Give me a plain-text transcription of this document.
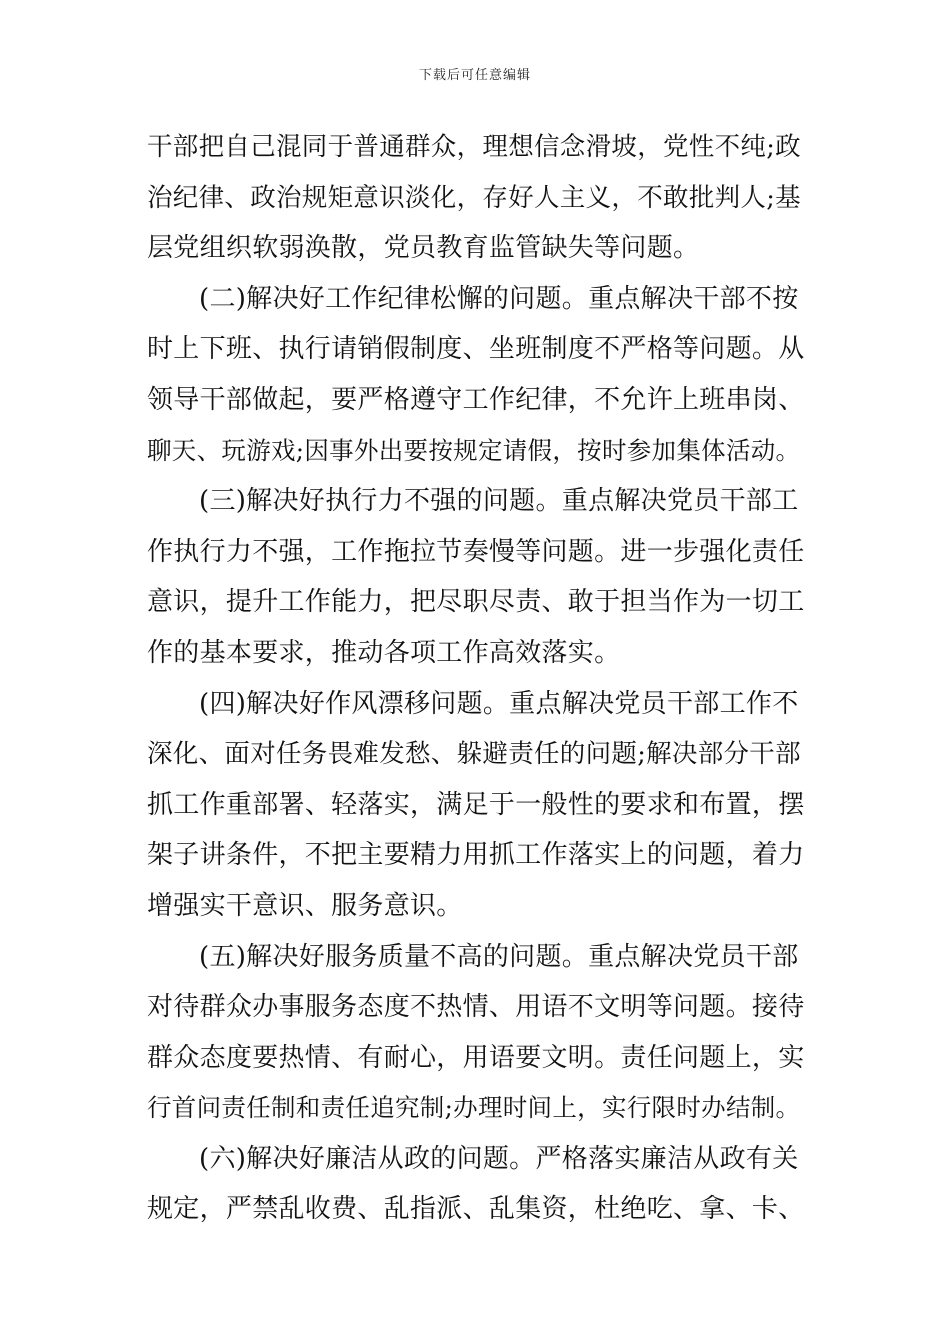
下载后可任意编辑
干部把自己混同于普通群众，理想信念滑坡，党性不纯;政
治纪律、政治规矩意识淡化，存好人主义，不敢批判人;基
层党组织软弱涣散，党员教育监管缺失等问题。
(二)解决好工作纪律松懈的问题。重点解决干部不按
时上下班、执行请销假制度、坐班制度不严格等问题。从
领导干部做起，要严格遵守工作纪律，不允许上班串岗、
聊天、玩游戏;因事外出要按规定请假，按时参加集体活动。
(三)解决好执行力不强的问题。重点解决党员干部工
作执行力不强，工作拖拉节奏慢等问题。进一步强化责任
意识，提升工作能力，把尽职尽责、敢于担当作为一切工
作的基本要求，推动各项工作高效落实。
(四)解决好作风漂移问题。重点解决党员干部工作不
深化、面对任务畏难发愁、躲避责任的问题;解决部分干部
抓工作重部署、轻落实，满足于一般性的要求和布置，摆
架子讲条件，不把主要精力用抓工作落实上的问题，着力
增强实干意识、服务意识。
(五)解决好服务质量不高的问题。重点解决党员干部
对待群众办事服务态度不热情、用语不文明等问题。接待
群众态度要热情、有耐心，用语要文明。责任问题上，实
行首问责任制和责任追究制;办理时间上，实行限时办结制。
(六)解决好廉洁从政的问题。严格落实廉洁从政有关
规定，严禁乱收费、乱指派、乱集资，杜绝吃、拿、卡、
